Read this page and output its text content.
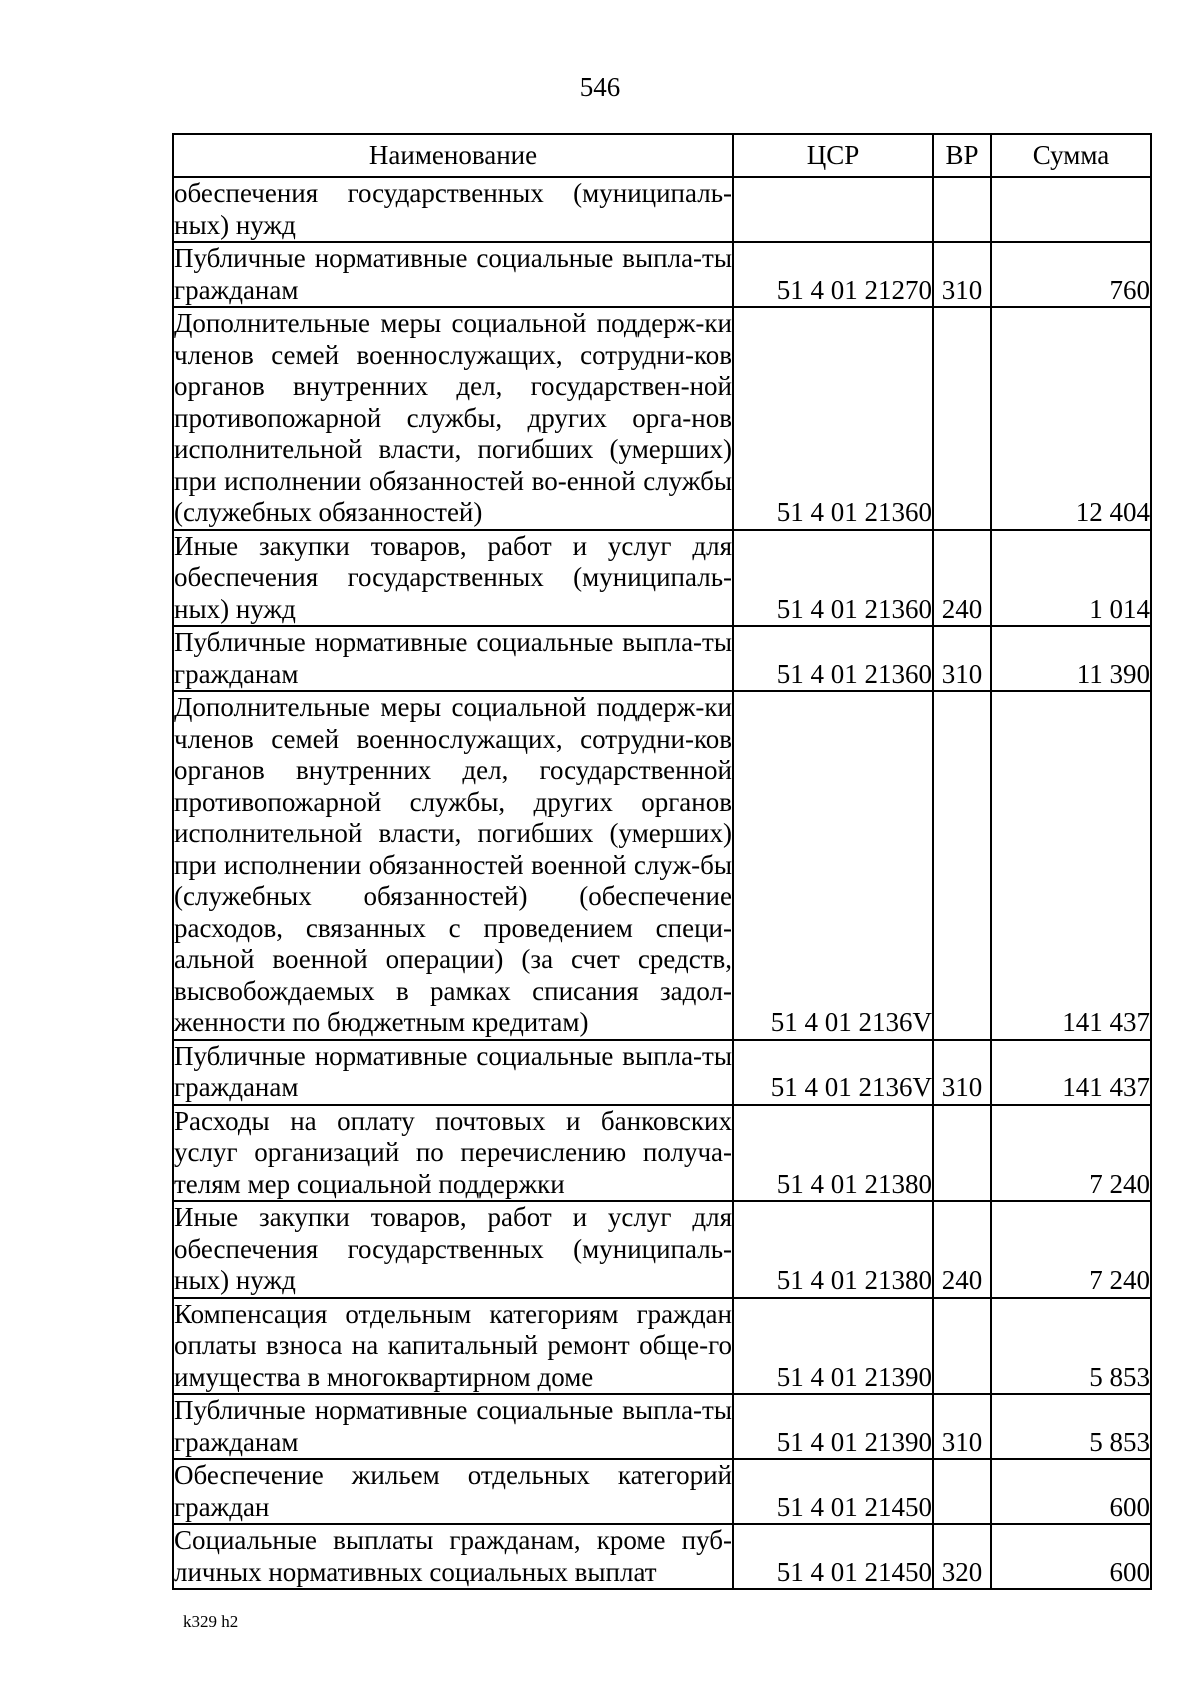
546
Наименование	ЦСР	ВР	Сумма
обеспечения государственных (муниципаль-ных) нужд			
Публичные нормативные социальные выпла-ты гражданам	51 4 01 21270	310	760
Дополнительные меры социальной поддерж-ки членов семей военнослужащих, сотрудни-ков органов внутренних дел, государствен-ной противопожарной службы, других орга-нов исполнительной власти, погибших (умерших) при исполнении обязанностей во-енной службы (служебных обязанностей)	51 4 01 21360		12 404
Иные закупки товаров, работ и услуг для обеспечения государственных (муниципаль-ных) нужд	51 4 01 21360	240	1 014
Публичные нормативные социальные выпла-ты гражданам	51 4 01 21360	310	11 390
Дополнительные меры социальной поддерж-ки членов семей военнослужащих, сотрудни-ков органов внутренних дел, государственной противопожарной службы, других органов исполнительной власти, погибших (умерших) при исполнении обязанностей военной служ-бы (служебных обязанностей) (обеспечение расходов, связанных с проведением специ-альной военной операции) (за счет средств, высвобождаемых в рамках списания задол-женности по бюджетным кредитам)	51 4 01 2136V		141 437
Публичные нормативные социальные выпла-ты гражданам	51 4 01 2136V	310	141 437
Расходы на оплату почтовых и банковских услуг организаций по перечислению получа-телям мер социальной поддержки	51 4 01 21380		7 240
Иные закупки товаров, работ и услуг для обеспечения государственных (муниципаль-ных) нужд	51 4 01 21380	240	7 240
Компенсация отдельным категориям граждан оплаты взноса на капитальный ремонт обще-го имущества в многоквартирном доме	51 4 01 21390		5 853
Публичные нормативные социальные выпла-ты гражданам	51 4 01 21390	310	5 853
Обеспечение жильем отдельных категорий граждан	51 4 01 21450		600
Социальные выплаты гражданам, кроме пуб-личных нормативных социальных выплат	51 4 01 21450	320	600
k329 h2
